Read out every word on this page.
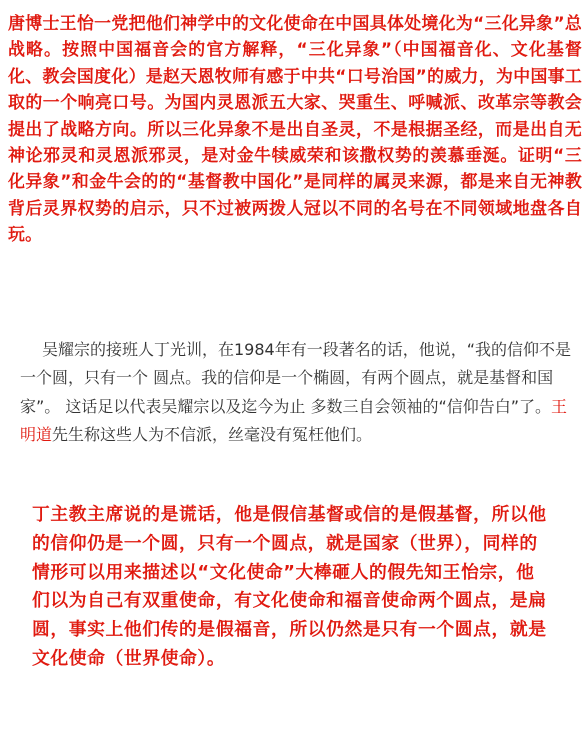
唐博士王怡一党把他们神学中的文化使命在中国具体处境化为“三化异象”总战略。按照中国福音会的官方解释，“三化异象”（中国福音化、文化基督化、教会国度化）是赵天恩牧师有感于中共“口号治国”的威力，为中国事工取的一个响亮口号。为国内灵恩派五大家、哭重生、呼喊派、改革宗等教会提出了战略方向。所以三化异象不是出自圣灵，不是根据圣经，而是出自无神论邪灵和灵恩派邪灵，是对金牛犊威荣和该撒权势的羡慕垂涎。证明“三化异象”和金牛会的的“基督教中国化”是同样的属灵来源，都是来自无神教背后灵界权势的启示，只不过被两拨人冠以不同的名号在不同领域地盘各自玩。

吴耀宗的接班人丁光训，在1984年有一段著名的话，他说，“我的信仰不是一个圆，只有一个 圆点。我的信仰是一个椭圆，有两个圆点，就是基督和国家”。 这话足以代表吴耀宗以及迄今为止 多数三自会领袖的“信仰告白”了。王明道先生称这些人为不信派，丝毫没有冤枉他们。

丁主教主席说的是谎话，他是假信基督或信的是假基督，所以他的信仰仍是一个圆，只有一个圆点，就是国家（世界），同样的情形可以用来描述以“文化使命”大棒砸人的假先知王怡宗，他们以为自己有双重使命，有文化使命和福音使命两个圆点，是扁圆，事实上他们传的是假福音，所以仍然是只有一个圆点，就是文化使命（世界使命）。
